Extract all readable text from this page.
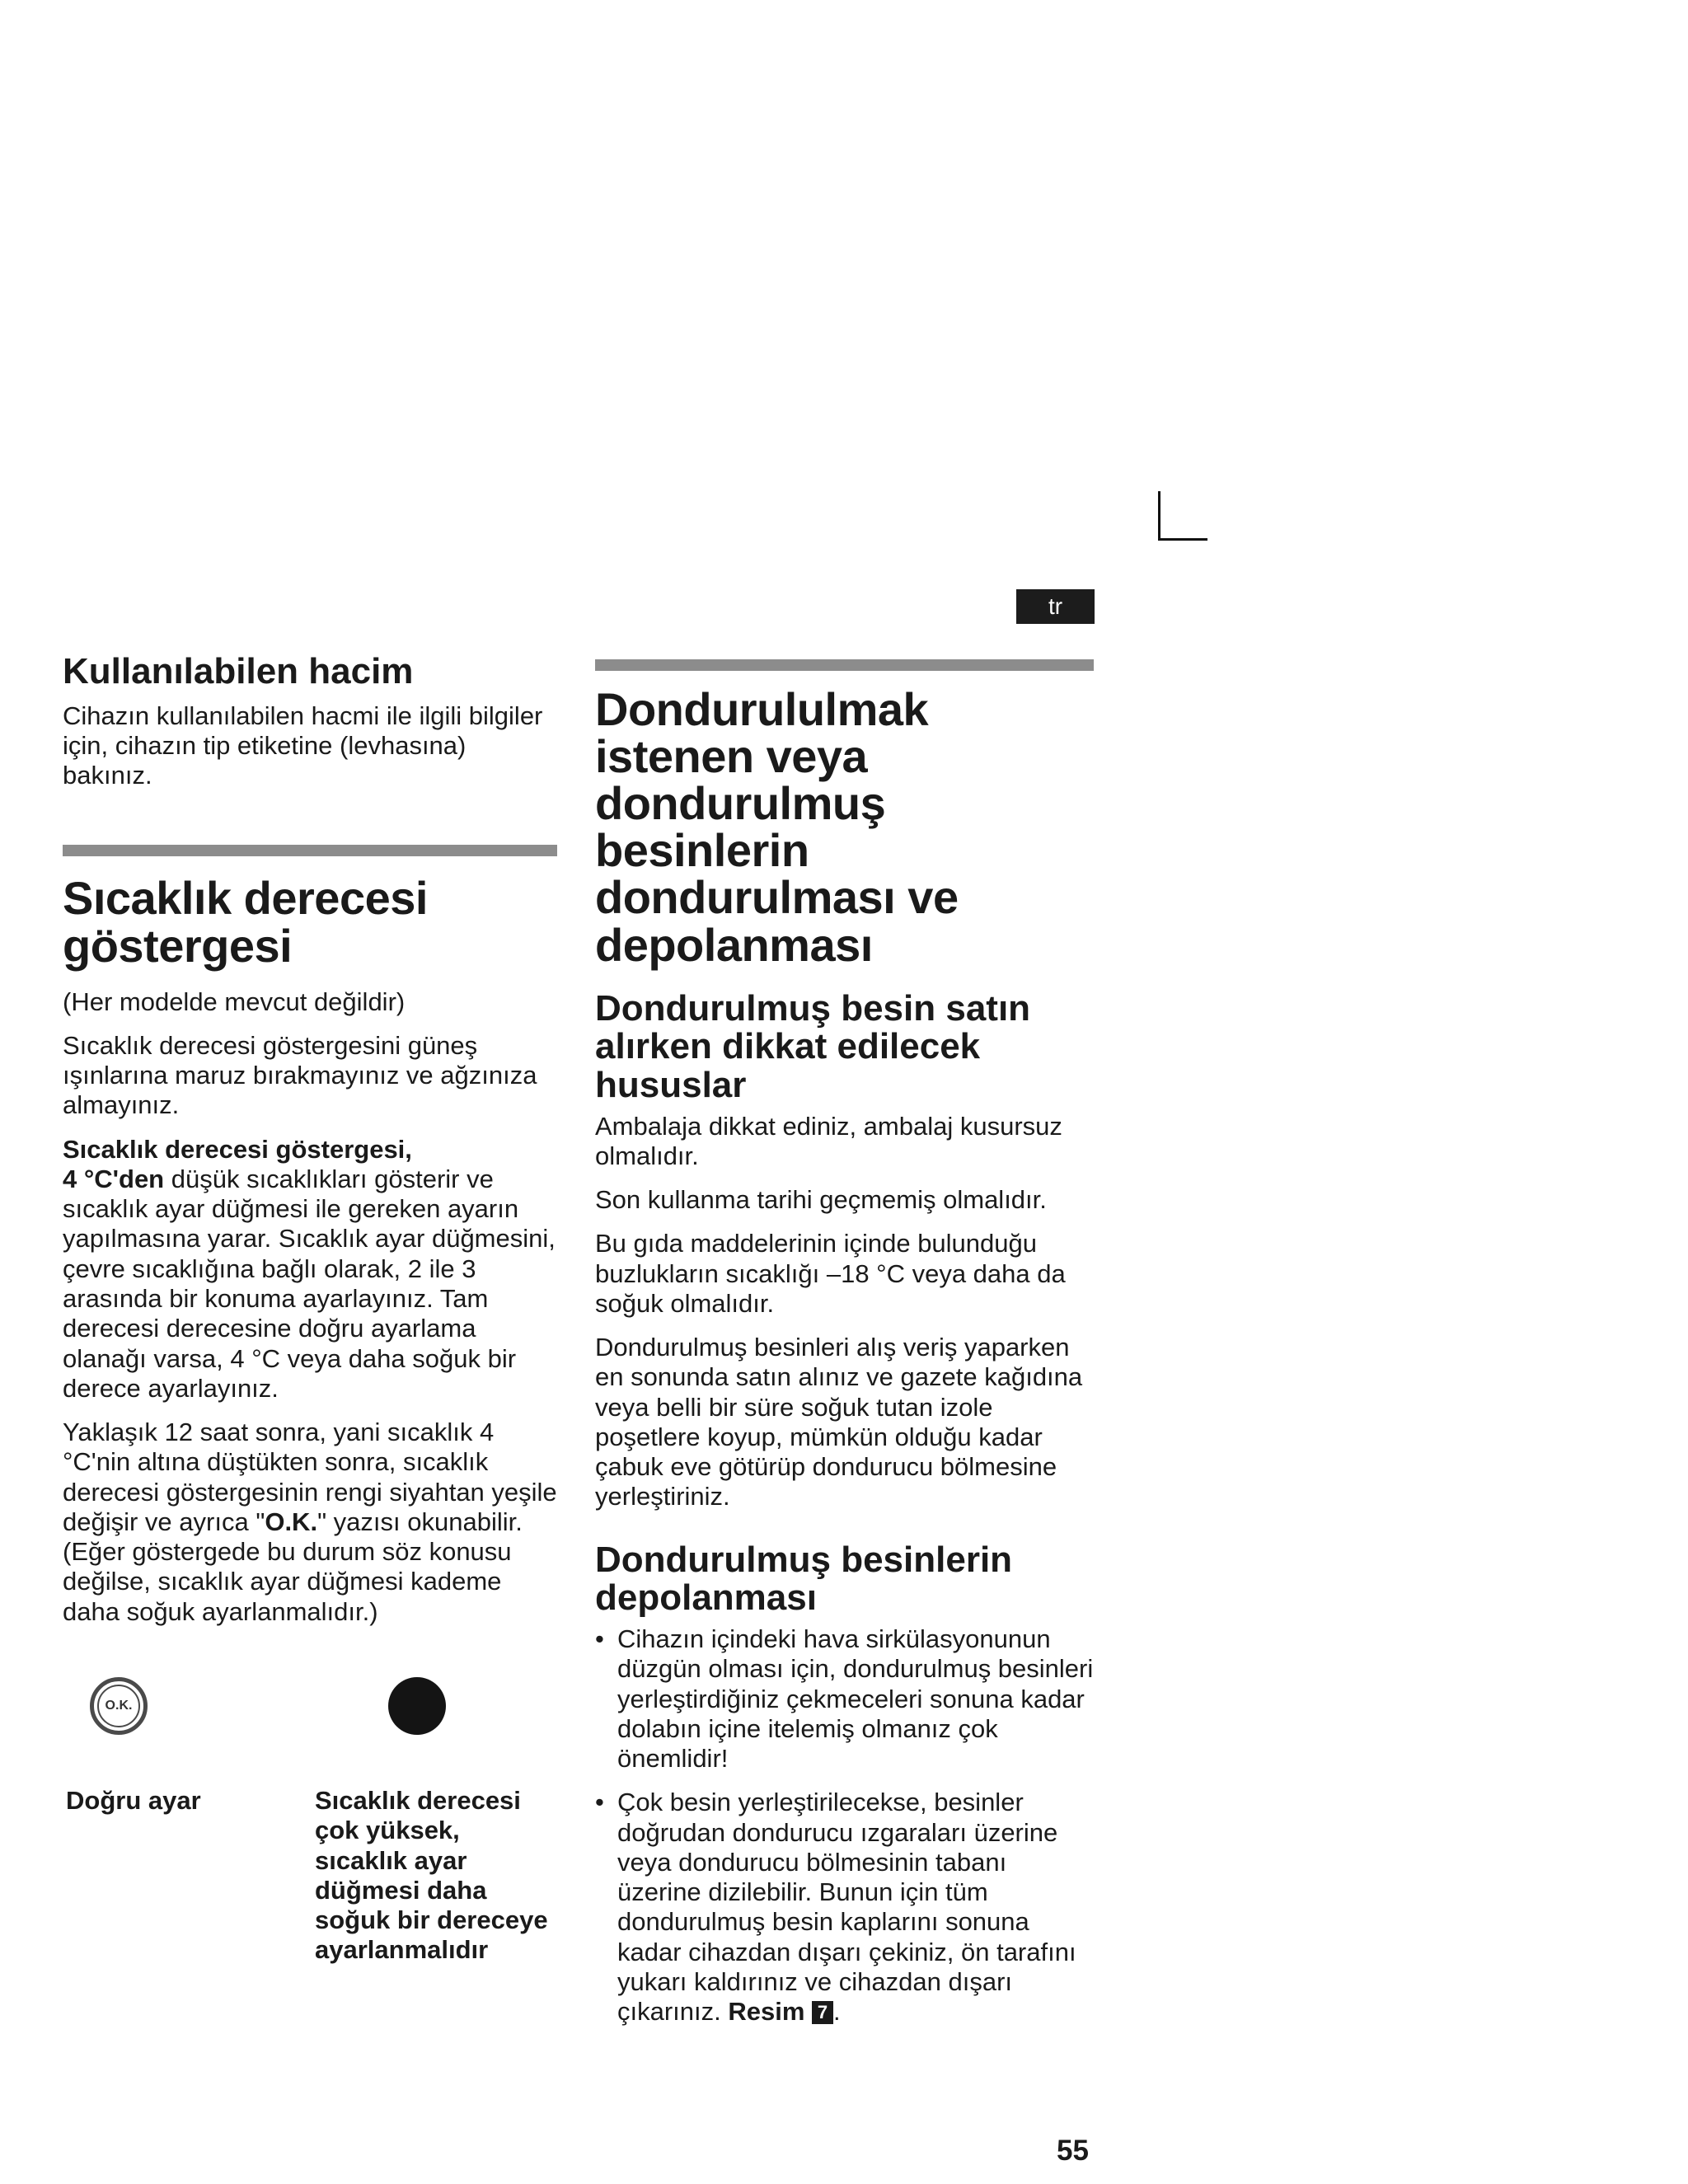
tr
Kullanılabilen hacim

Cihazın kullanılabilen hacmi ile ilgili bilgiler için, cihazın tip etiketine (levhasına) bakınız.

Sıcaklık derecesi göstergesi

(Her modelde mevcut değildir)

Sıcaklık derecesi göstergesini güneş ışınlarına maruz bırakmayınız ve ağzınıza almayınız.

Sıcaklık derecesi göstergesi,
4 °C'den düşük sıcaklıkları gösterir ve sıcaklık ayar düğmesi ile gereken ayarın yapılmasına yarar. Sıcaklık ayar düğmesini, çevre sıcaklığına bağlı olarak, 2 ile 3 arasında bir konuma ayarlayınız. Tam derecesi derecesine doğru ayarlama olanağı varsa, 4 °C veya daha soğuk bir derece ayarlayınız.

Yaklaşık 12 saat sonra, yani sıcaklık 4 °C'nin altına düştükten sonra, sıcaklık derecesi göstergesinin rengi siyahtan yeşile değişir ve ayrıca "O.K." yazısı okunabilir. (Eğer göstergede bu durum söz konusu değilse, sıcaklık ayar düğmesi kademe daha soğuk ayarlanmalıdır.)

O.K.
Doğru ayar	Sıcaklık derecesi çok yüksek, sıcaklık ayar düğmesi daha soğuk bir dereceye ayarlanmalıdır
Dondurululmak istenen veya dondurulmuş besinlerin dondurulması ve depolanması
Dondurulmuş besin satın alırken dikkat edilecek hususlar

Ambalaja dikkat ediniz, ambalaj kusursuz olmalıdır.

Son kullanma tarihi geçmemiş olmalıdır.

Bu gıda maddelerinin içinde bulunduğu buzlukların sıcaklığı –18 °C veya daha da soğuk olmalıdır.

Dondurulmuş besinleri alış veriş yaparken en sonunda satın alınız ve gazete kağıdına veya belli bir süre soğuk tutan izole poşetlere koyup, mümkün olduğu kadar çabuk eve götürüp dondurucu bölmesine yerleştiriniz.

Dondurulmuş besinlerin depolanması
• Cihazın içindeki hava sirkülasyonunun düzgün olması için, dondurulmuş besinleri yerleştirdiğiniz çekmeceleri sonuna kadar dolabın içine itelemiş olmanız çok önemlidir!
• Çok besin yerleştirilecekse, besinler doğrudan dondurucu ızgaraları üzerine veya dondurucu bölmesinin tabanı üzerine dizilebilir. Bunun için tüm dondurulmuş besin kaplarını sonuna kadar cihazdan dışarı çekiniz, ön tarafını yukarı kaldırınız ve cihazdan dışarı çıkarınız. Resim 7 .
55
